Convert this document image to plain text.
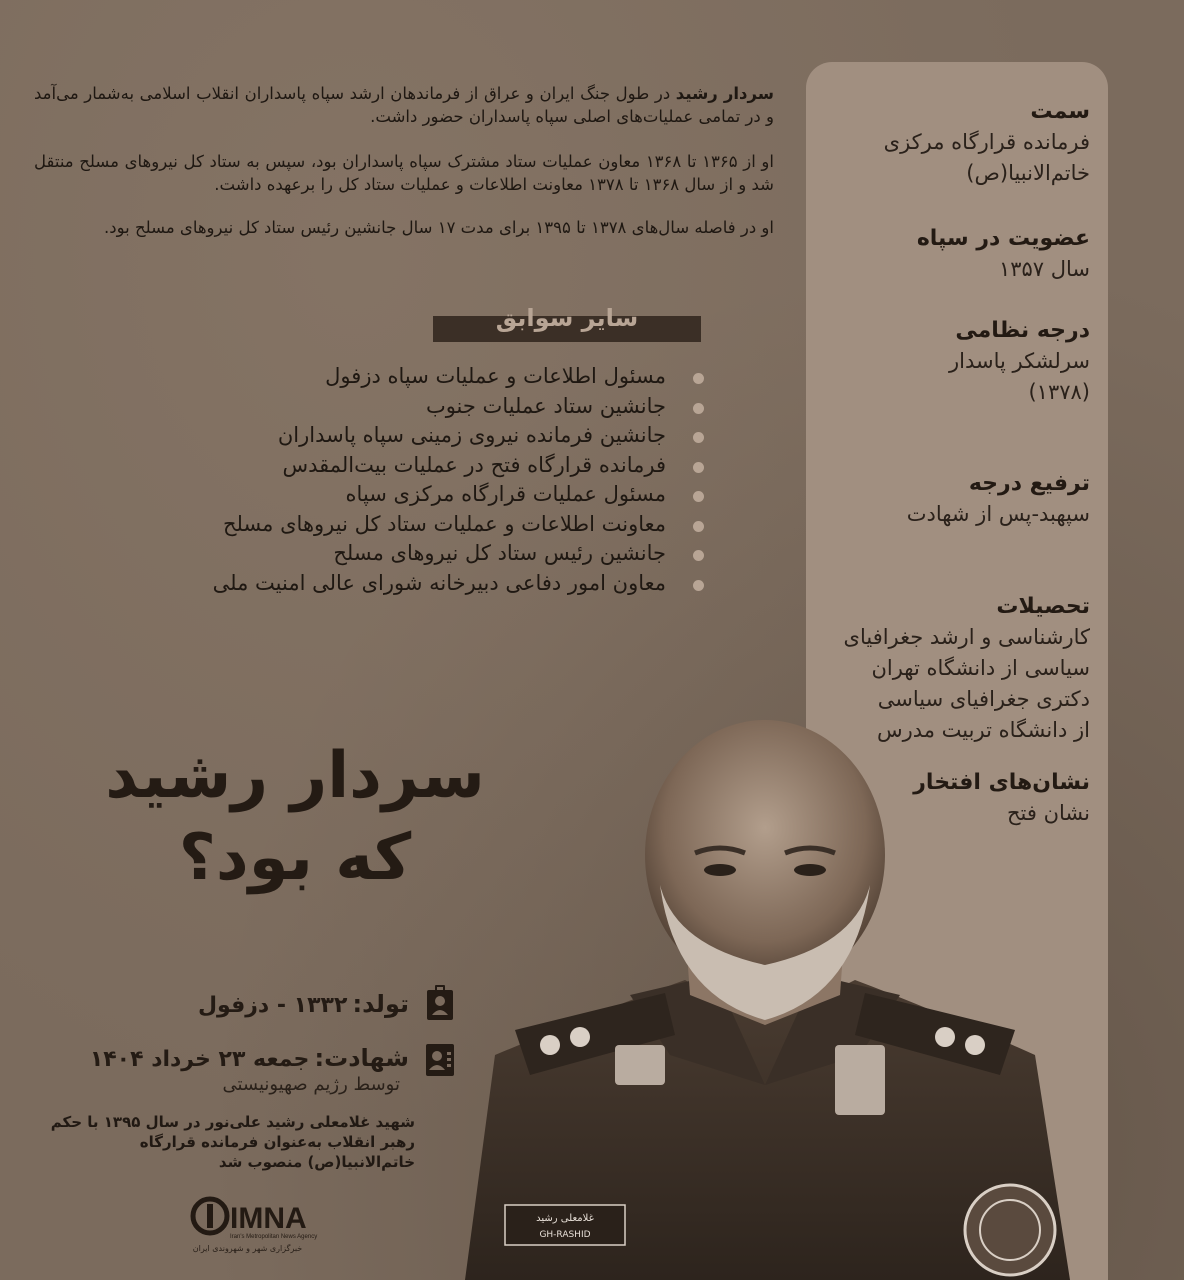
سمت
فرمانده قرارگاه مرکزی
خاتم‌الانبیا(ص)
عضویت در سپاه
سال ۱۳۵۷
درجه نظامی
سرلشکر پاسدار
(۱۳۷۸)
ترفیع درجه
سپهبد-پس از شهادت
تحصیلات
کارشناسی و ارشد جغرافیای
سیاسی از دانشگاه تهران
دکتری جغرافیای سیاسی
از دانشگاه تربیت مدرس
نشان‌های افتخار
نشان فتح
سردار رشید در طول جنگ ایران و عراق از فرماندهان ارشد سپاه پاسداران انقلاب اسلامی به‌شمار می‌آمد و در تمامی عملیات‌های اصلی سپاه پاسداران حضور داشت.
او از ۱۳۶۵ تا ۱۳۶۸ معاون عملیات ستاد مشترک سپاه پاسداران بود، سپس به ستاد کل نیروهای مسلح منتقل شد و از سال ۱۳۶۸ تا ۱۳۷۸ معاونت اطلاعات و عملیات ستاد کل را برعهده داشت.
او در فاصله سال‌های ۱۳۷۸ تا ۱۳۹۵ برای مدت ۱۷ سال جانشین رئیس ستاد کل نیروهای مسلح بود.
سایر سوابق
مسئول اطلاعات و عملیات سپاه دزفول
جانشین ستاد عملیات جنوب
جانشین فرمانده نیروی زمینی سپاه پاسداران
فرمانده قرارگاه فتح در عملیات بیت‌المقدس
مسئول عملیات قرارگاه مرکزی سپاه
معاونت اطلاعات و عملیات ستاد کل نیروهای مسلح
جانشین رئیس ستاد کل نیروهای مسلح
معاون امور دفاعی دبیرخانه شورای عالی امنیت ملی
سردار رشید
که بود؟
تولد: ۱۳۳۲ - دزفول
شهادت: جمعه ۲۳ خرداد ۱۴۰۴
توسط رژیم صهیونیستی
شهید غلامعلی رشید علی‌نور در سال ۱۳۹۵ با حکم رهبر انقلاب به‌عنوان فرمانده قرارگاه خاتم‌الانبیا(ص) منصوب شد
IMNA
Iran's Metropolitan News Agency
خبرگزاری شهر و شهروندی ایران
غلامعلی رشید
GH-RASHID
